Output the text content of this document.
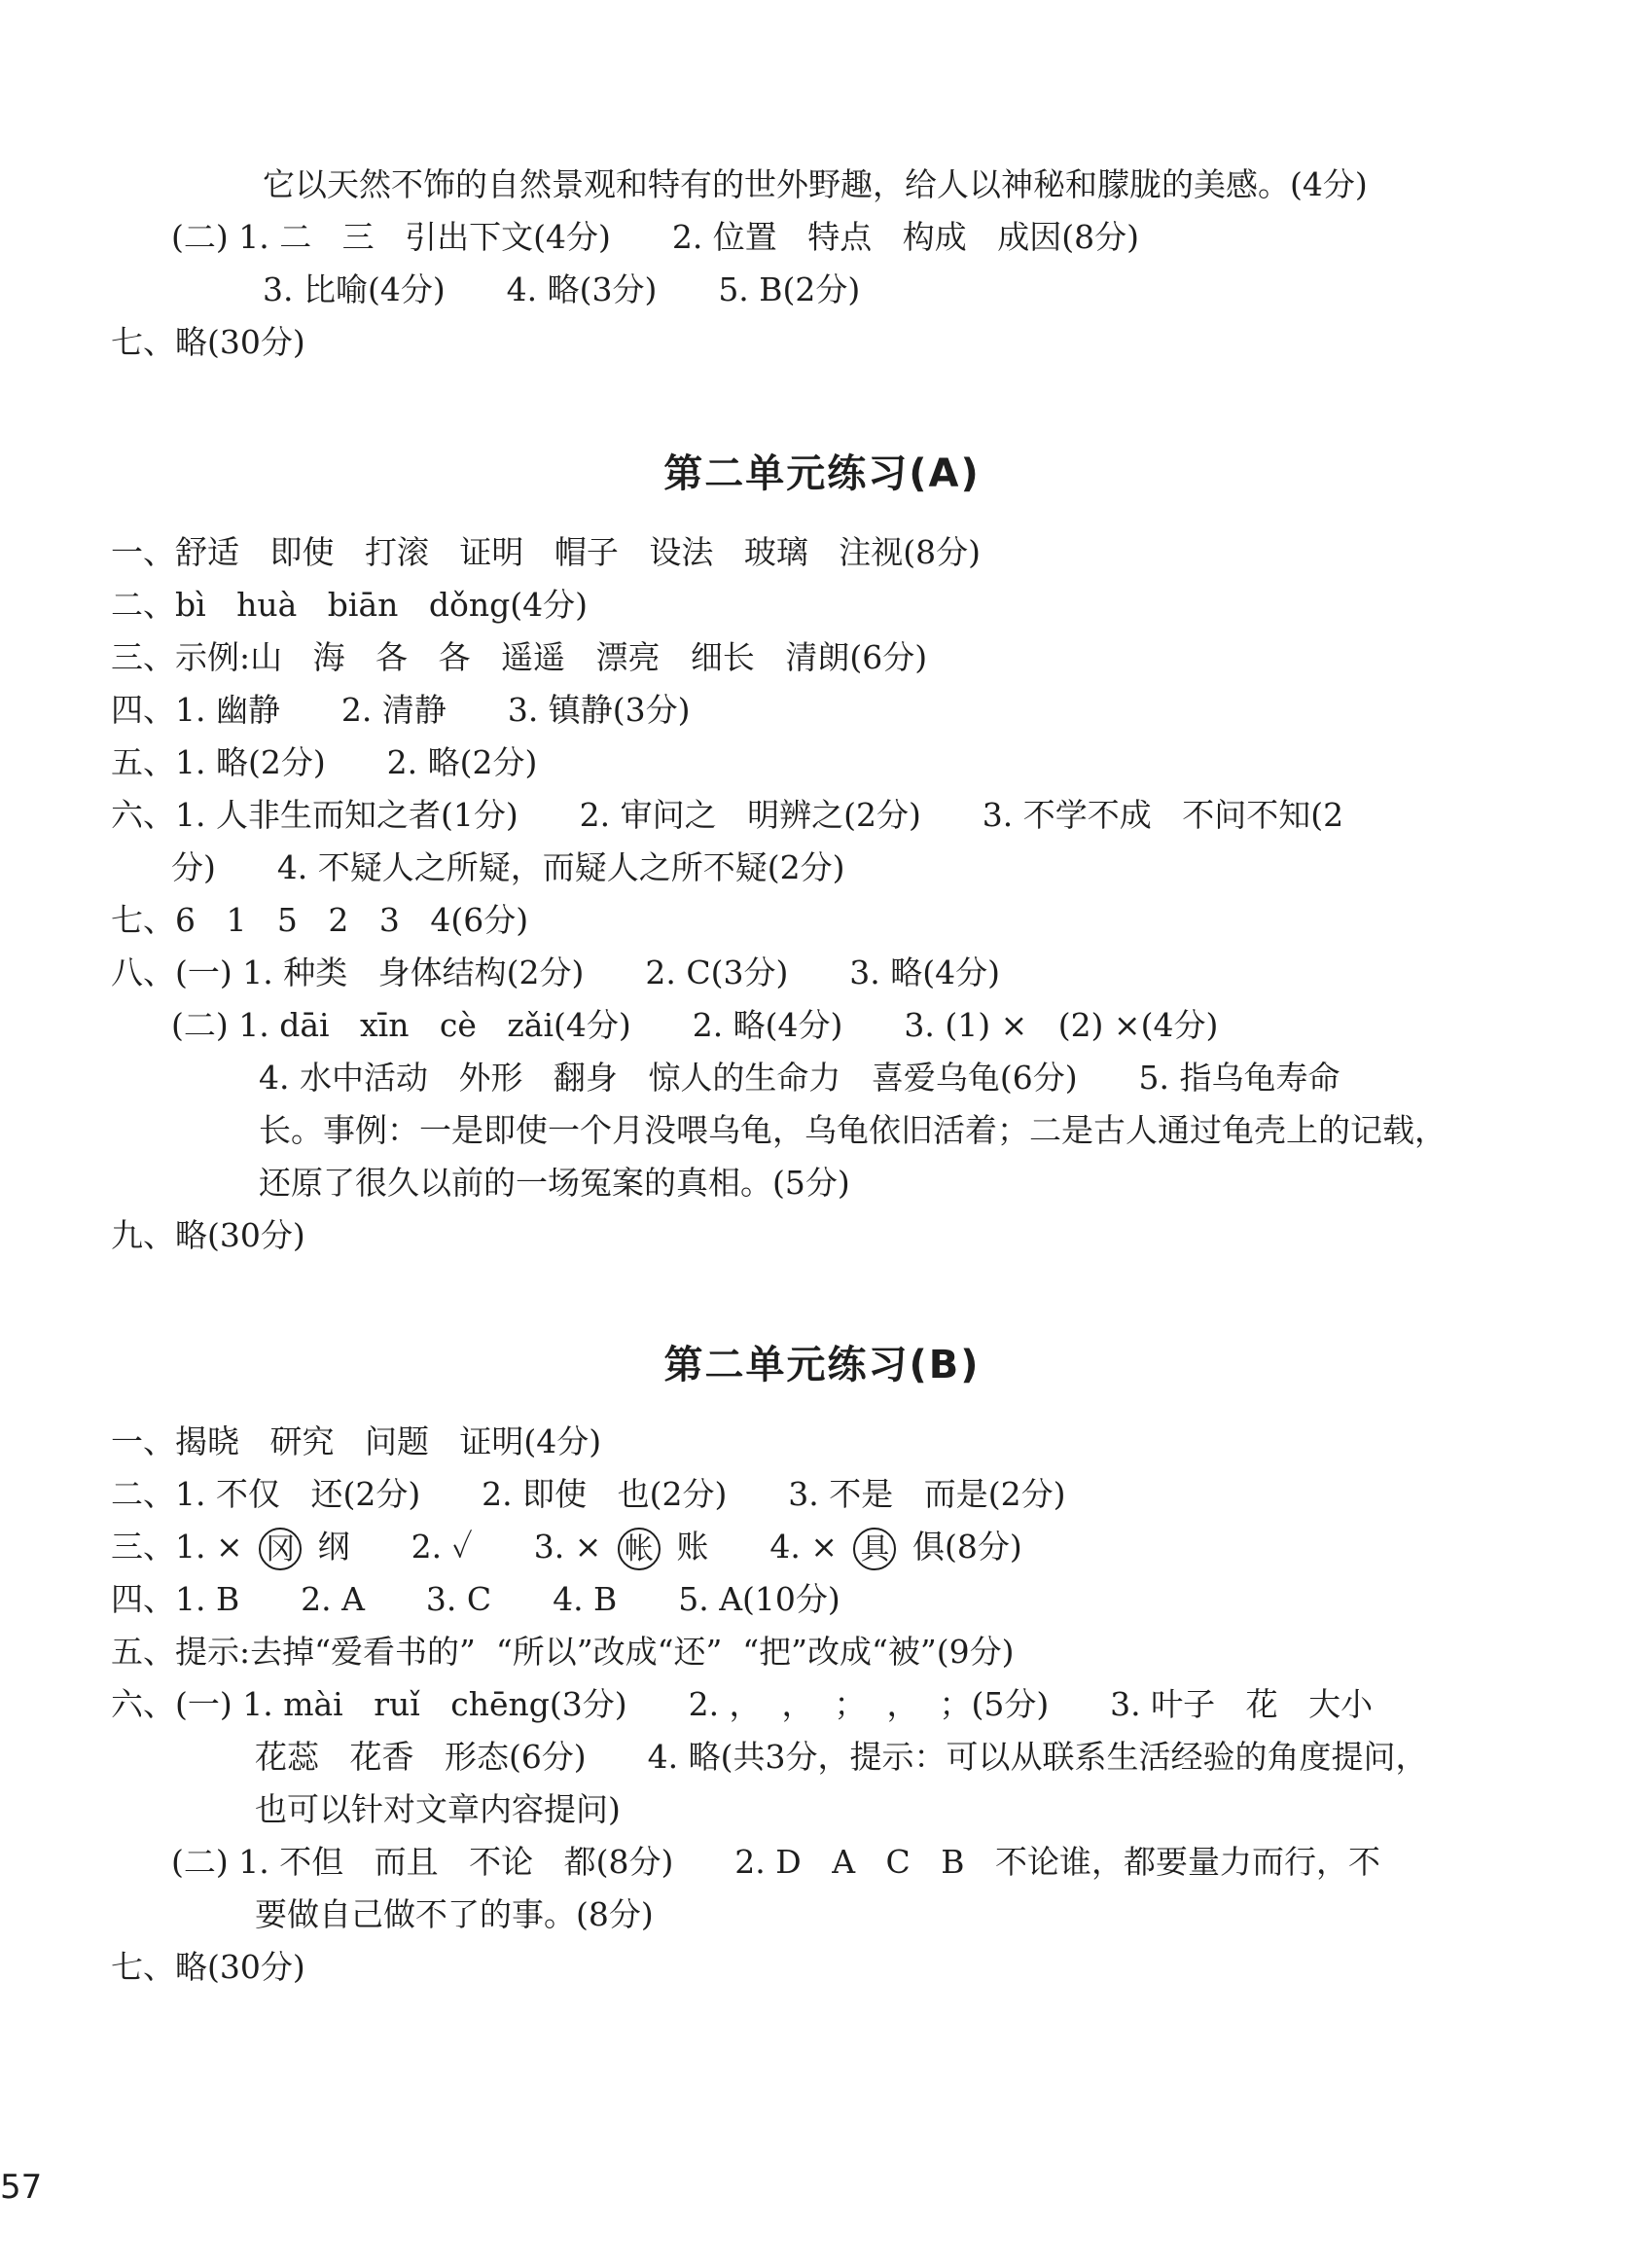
它以天然不饰的自然景观和特有的世外野趣，给人以神秘和朦胧的美感。(4分)
(二) 1. 二   三   引出下文(4分)      2. 位置   特点   构成   成因(8分)
3. 比喻(4分)      4. 略(3分)      5. B(2分)
七、略(30分)
第二单元练习(A)
一、舒适   即使   打滚   证明   帽子   设法   玻璃   注视(8分)
二、bì   huà   biān   dǒng(4分)
三、示例:山   海   各   各   遥遥   漂亮   细长   清朗(6分)
四、1. 幽静      2. 清静      3. 镇静(3分)
五、1. 略(2分)      2. 略(2分)
六、1. 人非生而知之者(1分)      2. 审问之   明辨之(2分)      3. 不学不成   不问不知(2
分)      4. 不疑人之所疑，而疑人之所不疑(2分)
七、6   1   5   2   3   4(6分)
八、(一) 1. 种类   身体结构(2分)      2. C(3分)      3. 略(4分)
(二) 1. dāi   xīn   cè   zǎi(4分)      2. 略(4分)      3. (1) ×   (2) ×(4分)
4. 水中活动   外形   翻身   惊人的生命力   喜爱乌龟(6分)      5. 指乌龟寿命
长。事例：一是即使一个月没喂乌龟，乌龟依旧活着；二是古人通过龟壳上的记载，
还原了很久以前的一场冤案的真相。(5分)
九、略(30分)
第二单元练习(B)
一、揭晓   研究   问题   证明(4分)
二、1. 不仅   还(2分)      2. 即使   也(2分)      3. 不是   而是(2分)
三、1. × 冈 纲      2. ✓      3. × 帐 账      4. × 具 俱(8分)
四、1. B      2. A      3. C      4. B      5. A(10分)
五、提示:去掉“爱看书的”  “所以”改成“还”  “把”改成“被”(9分)
六、(一) 1. mài   ruǐ   chēng(3分)      2. ，  ，  ；  ，  ；(5分)      3. 叶子   花   大小
花蕊   花香   形态(6分)      4. 略(共3分，提示：可以从联系生活经验的角度提问，
也可以针对文章内容提问)
(二) 1. 不但   而且   不论   都(8分)      2. D   A   C   B   不论谁，都要量力而行，不
要做自己做不了的事。(8分)
七、略(30分)
57
